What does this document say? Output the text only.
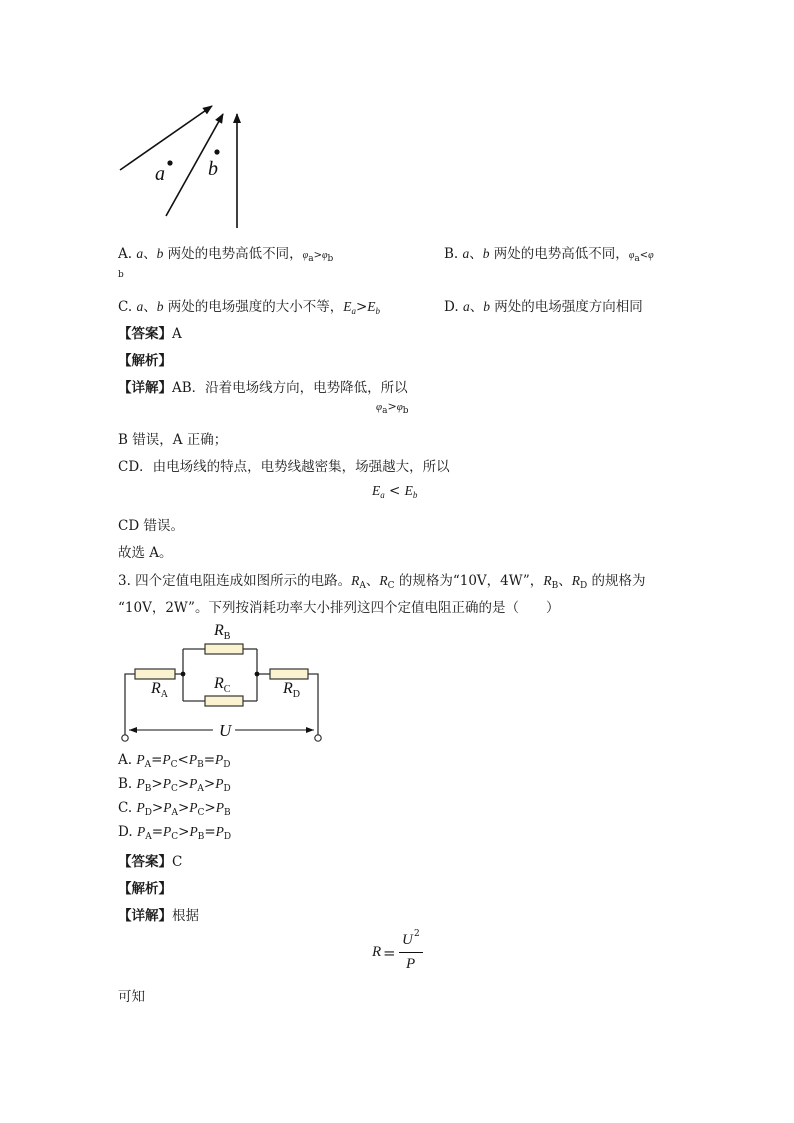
a b
A. a、b 两处的电势高低不同，$\varphi_a>\varphi_b$	B. a、b 两处的电势高低不同，$\varphi_a<\varphi$
b
C. a、b 两处的电场强度的大小不等，$E_a>E_b$	D. a、b 两处的电场强度方向相同
【答案】A
【解析】
【详解】AB．沿着电场线方向，电势降低，所以
$\varphi_a>\varphi_b$
B 错误，A 正确；
CD．由电场线的特点，电势线越密集，场强越大，所以
$E_a < E_b$
CD 错误。
故选 A。
3. 四个定值电阻连成如图所示的电路。$R_A$、$R_C$ 的规格为“10V，4W”，$R_B$、$R_D$ 的规格为
“10V，2W”。下列按消耗功率大小排列这四个定值电阻正确的是（　　）
$R_B$
$R_C$
$R_A$	$R_D$
U
A. $P_A=P_C<P_B=P_D$
B. $P_B>P_C>P_A>P_D$
C. $P_D>P_A>P_C>P_B$
D. $P_A=P_C>P_B=P_D$
【答案】C
【解析】
【详解】根据
R =
U 2
P
可知
